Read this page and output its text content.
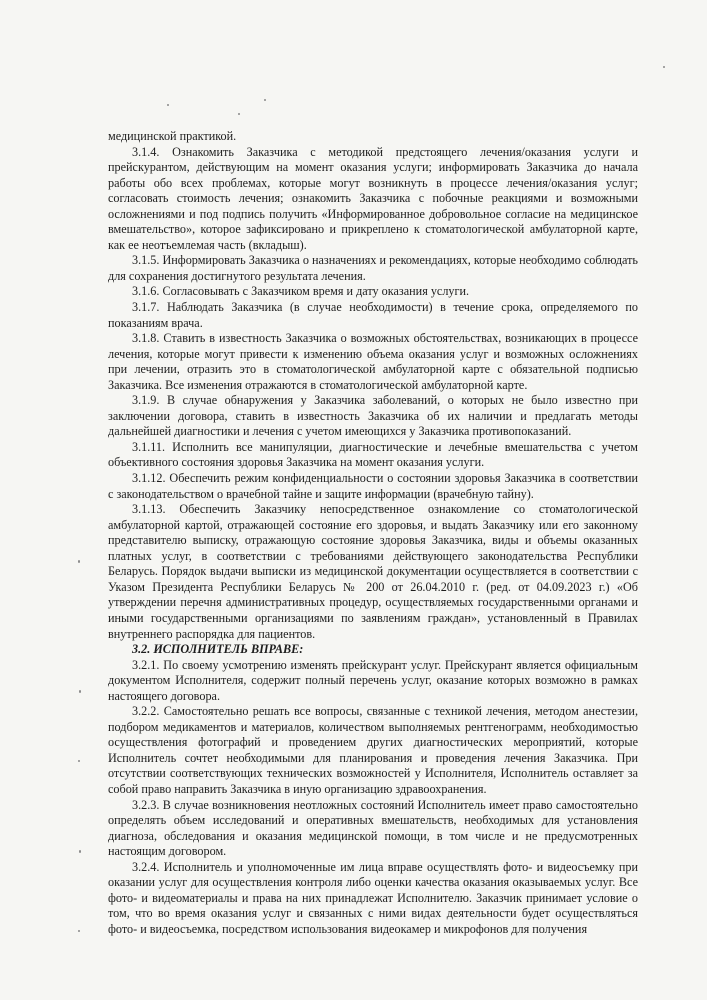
медицинской практикой.

3.1.4. Ознакомить Заказчика с методикой предстоящего лечения/оказания услуги и прейскурантом, действующим на момент оказания услуги; информировать Заказчика до начала работы обо всех проблемах, которые могут возникнуть в процессе лечения/оказания услуг; согласовать стоимость лечения; ознакомить Заказчика с побочные реакциями и возможными осложнениями и под подпись получить «Информированное добровольное согласие на медицинское вмешательство», которое зафиксировано и прикреплено к стоматологической амбулаторной карте, как ее неотъемлемая часть (вкладыш).

3.1.5. Информировать Заказчика о назначениях и рекомендациях, которые необходимо соблюдать для сохранения достигнутого результата лечения.

3.1.6. Согласовывать с Заказчиком время и дату оказания услуги.

3.1.7. Наблюдать Заказчика (в случае необходимости) в течение срока, определяемого по показаниям врача.

3.1.8. Ставить в известность Заказчика о возможных обстоятельствах, возникающих в процессе лечения, которые могут привести к изменению объема оказания услуг и возможных осложнениях при лечении, отразить это в стоматологической амбулаторной карте с обязательной подписью Заказчика. Все изменения отражаются в стоматологической амбулаторной карте.

3.1.9. В случае обнаружения у Заказчика заболеваний, о которых не было известно при заключении договора, ставить в известность Заказчика об их наличии и предлагать методы дальнейшей диагностики и лечения с учетом имеющихся у Заказчика противопоказаний.

3.1.11. Исполнить все манипуляции, диагностические и лечебные вмешательства с учетом объективного состояния здоровья Заказчика на момент оказания услуги.

3.1.12. Обеспечить режим конфиденциальности о состоянии здоровья Заказчика в соответствии с законодательством о врачебной тайне и защите информации (врачебную тайну).

3.1.13. Обеспечить Заказчику непосредственное ознакомление со стоматологической амбулаторной картой, отражающей состояние его здоровья, и выдать Заказчику или его законному представителю выписку, отражающую состояние здоровья Заказчика, виды и объемы оказанных платных услуг, в соответствии с требованиями действующего законодательства Республики Беларусь. Порядок выдачи выписки из медицинской документации осуществляется в соответствии с Указом Президента Республики Беларусь № 200 от 26.04.2010 г. (ред. от 04.09.2023 г.) «Об утверждении перечня административных процедур, осуществляемых государственными органами и иными государственными организациями по заявлениям граждан», установленный в Правилах внутреннего распорядка для пациентов.

3.2. ИСПОЛНИТЕЛЬ ВПРАВЕ:

3.2.1. По своему усмотрению изменять прейскурант услуг. Прейскурант является официальным документом Исполнителя, содержит полный перечень услуг, оказание которых возможно в рамках настоящего договора.

3.2.2. Самостоятельно решать все вопросы, связанные с техникой лечения, методом анестезии, подбором медикаментов и материалов, количеством выполняемых рентгенограмм, необходимостью осуществления фотографий и проведением других диагностических мероприятий, которые Исполнитель сочтет необходимыми для планирования и проведения лечения Заказчика. При отсутствии соответствующих технических возможностей у Исполнителя, Исполнитель оставляет за собой право направить Заказчика в иную организацию здравоохранения.

3.2.3. В случае возникновения неотложных состояний Исполнитель имеет право самостоятельно определять объем исследований и оперативных вмешательств, необходимых для установления диагноза, обследования и оказания медицинской помощи, в том числе и не предусмотренных настоящим договором.

3.2.4. Исполнитель и уполномоченные им лица вправе осуществлять фото- и видеосъемку при оказании услуг для осуществления контроля либо оценки качества оказания оказываемых услуг. Все фото- и видеоматериалы и права на них принадлежат Исполнителю. Заказчик принимает условие о том, что во время оказания услуг и связанных с ними видах деятельности будет осуществляться фото- и видеосъемка, посредством использования видеокамер и микрофонов для получения
